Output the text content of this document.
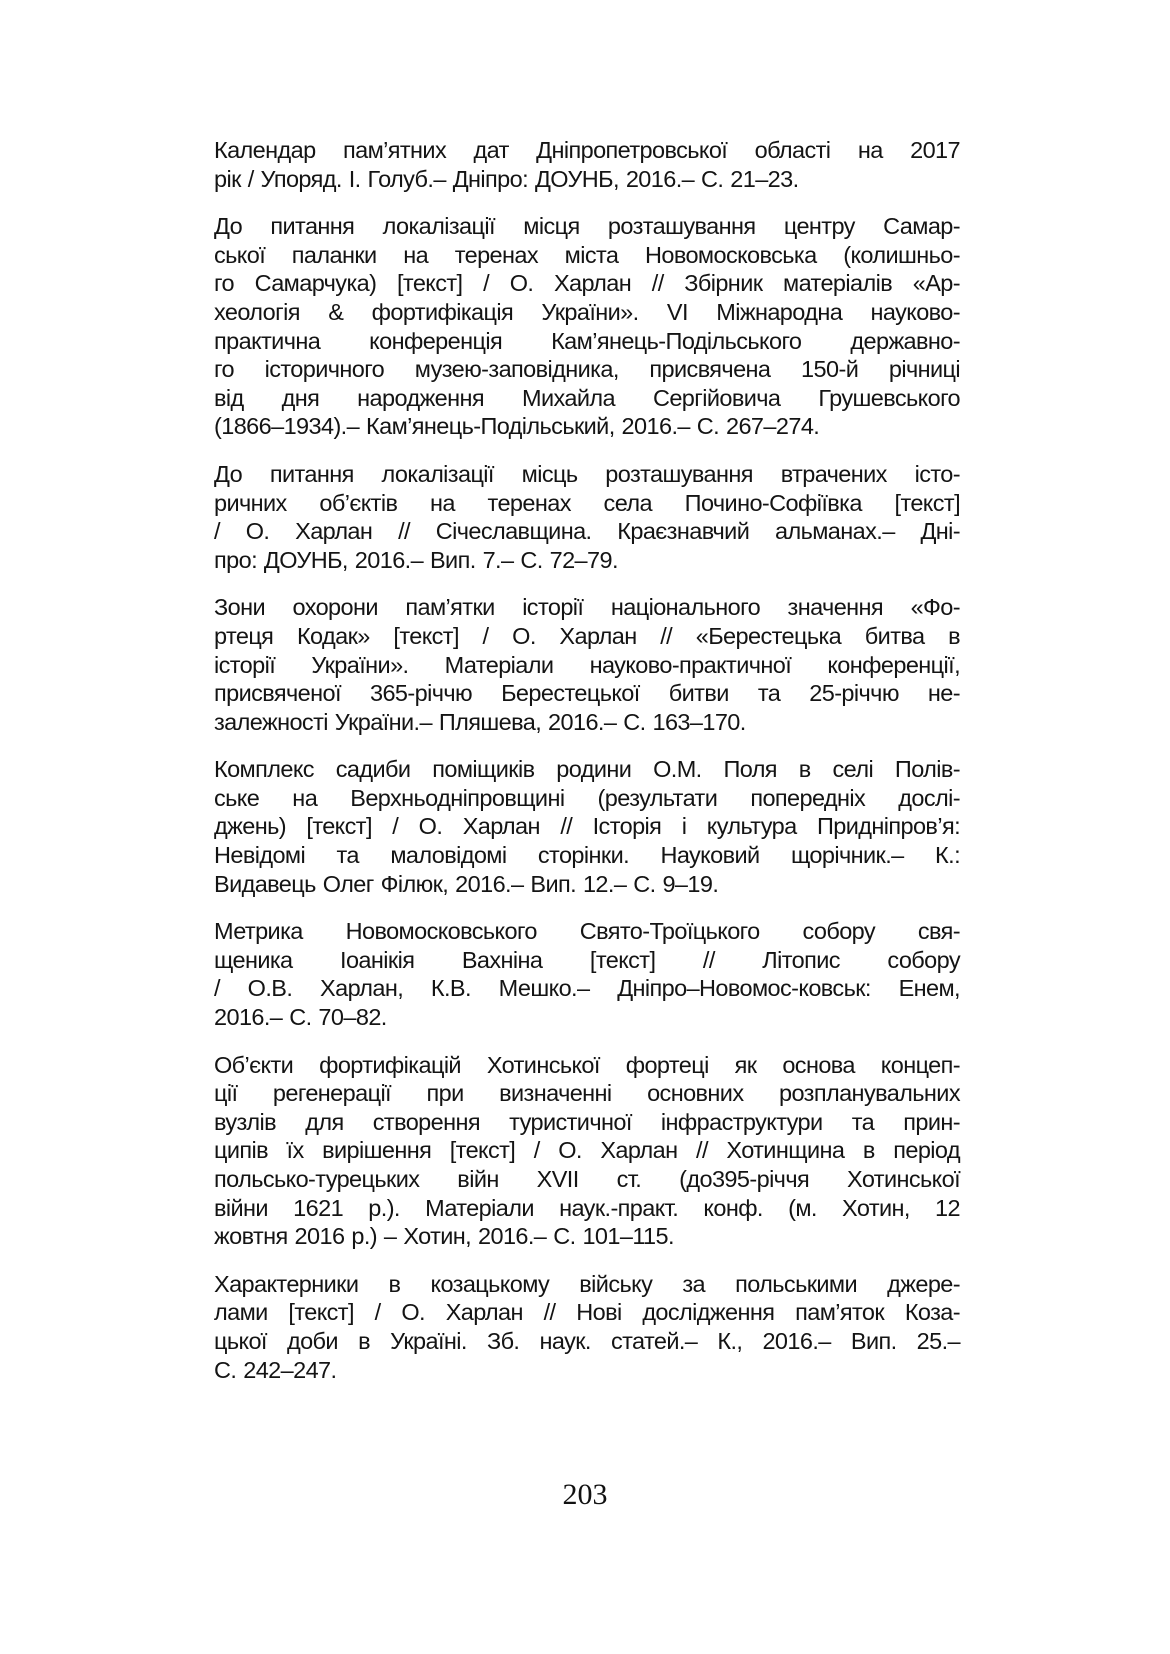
Календар пам’ятних дат Дніпропетровської області на 2017
рік / Упоряд. І. Голуб.– Дніпро: ДОУНБ, 2016.– С. 21–23.

До питання локалізації місця розташування центру Самар-
ської паланки на теренах міста Новомосковська (колишньо-
го Самарчука) [текст] / О. Харлан // Збірник матеріалів «Ар-
хеологія & фортифікація України». VI Міжнародна науково-
практична конференція Кам’янець-Подільського державно-
го історичного музею-заповідника, присвячена 150-й річниці
від дня народження Михайла Сергійовича Грушевського
(1866–1934).– Кам’янець-Подільський, 2016.– С. 267–274.

До питання локалізації місць розташування втрачених істо-
ричних об’єктів на теренах села Почино-Софіївка [текст]
/ О. Харлан // Січеславщина. Краєзнавчий альманах.– Дні-
про: ДОУНБ, 2016.– Вип. 7.– С. 72–79.

Зони охорони пам’ятки історії національного значення «Фо-
ртеця Кодак» [текст] / О. Харлан // «Берестецька битва в
історії України». Матеріали науково-практичної конференції,
присвяченої 365-річчю Берестецької битви та 25-річчю не-
залежності України.– Пляшева, 2016.– С. 163–170.

Комплекс садиби поміщиків родини О.М. Поля в селі Полів-
ське на Верхньодніпровщині (результати попередніх дослі-
джень) [текст] / О. Харлан // Історія і культура Придніпров’я:
Невідомі та маловідомі сторінки. Науковий щорічник.– К.:
Видавець Олег Філюк, 2016.– Вип. 12.– С. 9–19.

Метрика Новомосковського Свято-Троїцького собору свя-
щеника Іоанікія Вахніна [текст] // Літопис собору
/ О.В. Харлан, К.В. Мешко.– Дніпро–Новомос-ковськ: Енем,
2016.– С. 70–82.

Об’єкти фортифікацій Хотинської фортеці як основа концеп-
ції регенерації при визначенні основних розпланувальних
вузлів для створення туристичної інфраструктури та прин-
ципів їх вирішення [текст] / О. Харлан // Хотинщина в період
польсько-турецьких війн XVII ст. (до395-річчя Хотинської
війни 1621 р.). Матеріали наук.-практ. конф. (м. Хотин, 12
жовтня 2016 р.) – Хотин, 2016.– С. 101–115.

Характерники в козацькому війську за польськими джере-
лами [текст] / О. Харлан // Нові дослідження пам’яток Коза-
цької доби в Україні. Зб. наук. статей.– К., 2016.– Вип. 25.–
С. 242–247.

203
